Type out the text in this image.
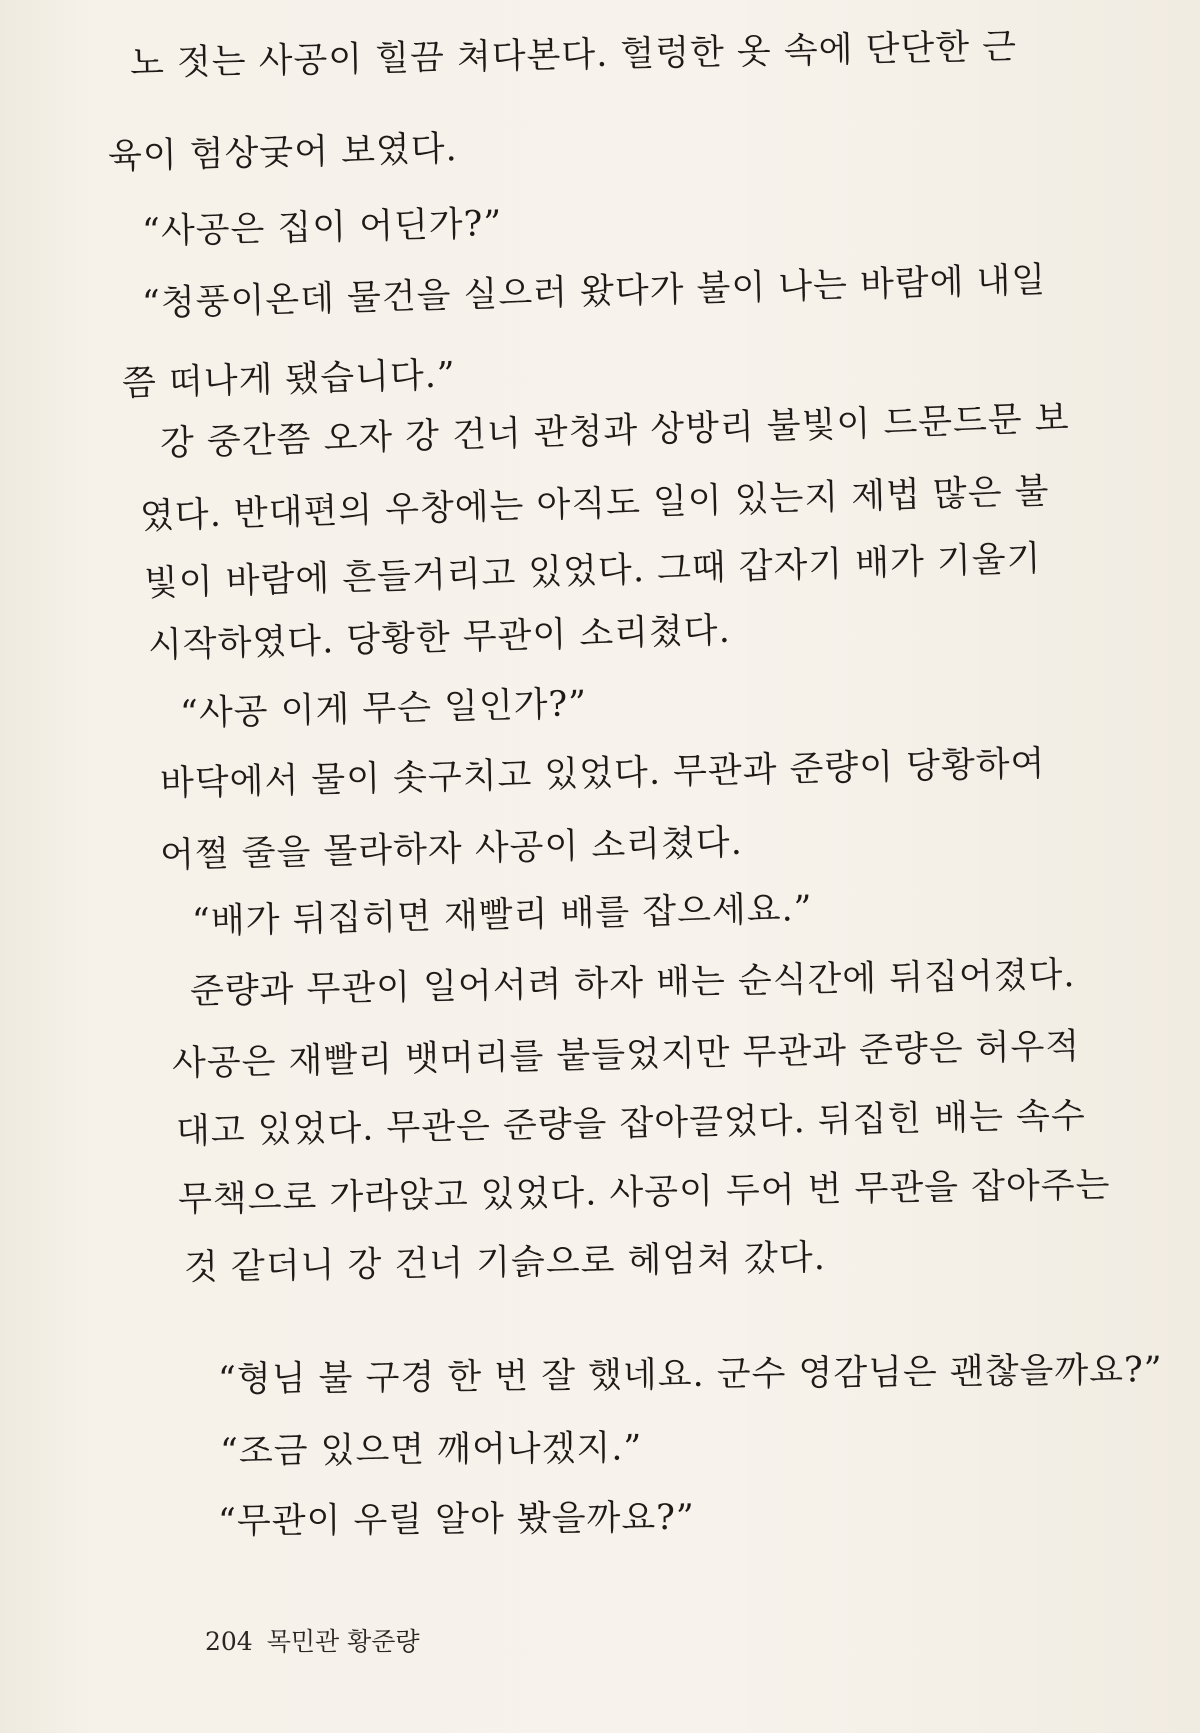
노 젓는 사공이 힐끔 쳐다본다. 헐렁한 옷 속에 단단한 근
육이 험상궂어 보였다.
“사공은 집이 어딘가?”
“청풍이온데 물건을 실으러 왔다가 불이 나는 바람에 내일
쯤 떠나게 됐습니다.”
강 중간쯤 오자 강 건너 관청과 상방리 불빛이 드문드문 보
였다. 반대편의 우창에는 아직도 일이 있는지 제법 많은 불
빛이 바람에 흔들거리고 있었다. 그때 갑자기 배가 기울기
시작하였다. 당황한 무관이 소리쳤다.
“사공 이게 무슨 일인가?”
바닥에서 물이 솟구치고 있었다. 무관과 준량이 당황하여
어쩔 줄을 몰라하자 사공이 소리쳤다.
“배가 뒤집히면 재빨리 배를 잡으세요.”
준량과 무관이 일어서려 하자 배는 순식간에 뒤집어졌다.
사공은 재빨리 뱃머리를 붙들었지만 무관과 준량은 허우적
대고 있었다. 무관은 준량을 잡아끌었다. 뒤집힌 배는 속수
무책으로 가라앉고 있었다. 사공이 두어 번 무관을 잡아주는
것 같더니 강 건너 기슭으로 헤엄쳐 갔다.
“형님 불 구경 한 번 잘 했네요. 군수 영감님은 괜찮을까요?”
“조금 있으면 깨어나겠지.”
“무관이 우릴 알아 봤을까요?”
204 목민관 황준량
